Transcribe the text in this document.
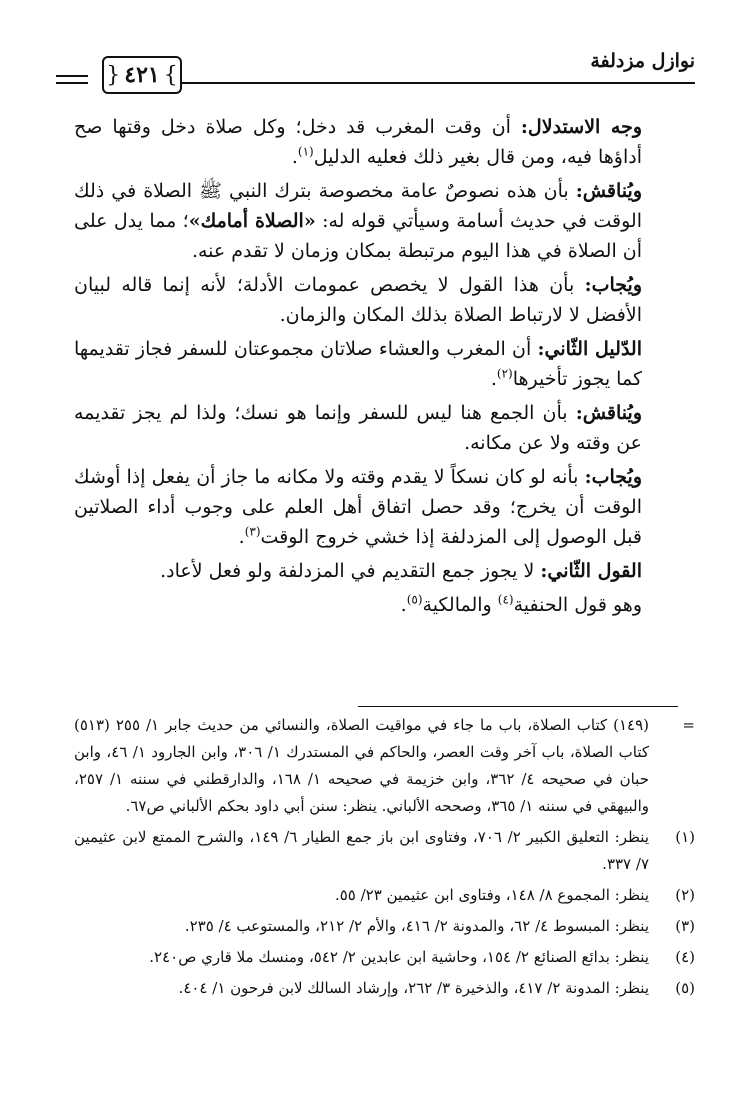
نوازل مزدلفة
}
٤٢١
{

وجه الاستدلال: أن وقت المغرب قد دخل؛ وكل صلاة دخل وقتها صح أداؤها فيه، ومن قال بغير ذلك فعليه الدليل$^{(١)}$.

ويُناقش: بأن هذه نصوصٌ عامة مخصوصة بترك النبي ﷺ الصلاة في ذلك الوقت في حديث أسامة وسيأتي قوله له: «الصلاة أمامك»؛ مما يدل على أن الصلاة في هذا اليوم مرتبطة بمكان وزمان لا تقدم عنه.

ويُجاب: بأن هذا القول لا يخصص عمومات الأدلة؛ لأنه إنما قاله لبيان الأفضل لا لارتباط الصلاة بذلك المكان والزمان.

الدّليل الثّاني: أن المغرب والعشاء صلاتان مجموعتان للسفر فجاز تقديمها كما يجوز تأخيرها$^{(٢)}$.

ويُناقش: بأن الجمع هنا ليس للسفر وإنما هو نسك؛ ولذا لم يجز تقديمه عن وقته ولا عن مكانه.

ويُجاب: بأنه لو كان نسكاً لا يقدم وقته ولا مكانه ما جاز أن يفعل إذا أوشك الوقت أن يخرج؛ وقد حصل اتفاق أهل العلم على وجوب أداء الصلاتين قبل الوصول إلى المزدلفة إذا خشي خروج الوقت$^{(٣)}$.

القول الثّاني: لا يجوز جمع التقديم في المزدلفة ولو فعل لأعاد.

وهو قول الحنفية$^{(٤)}$ والمالكية$^{(٥)}$.

=
(١٤٩) كتاب الصلاة، باب ما جاء في مواقيت الصلاة، والنسائي من حديث جابر ١/ ٢٥٥ (٥١٣) كتاب الصلاة، باب آخر وقت العصر، والحاكم في المستدرك ١/ ٣٠٦، وابن الجارود ١/ ٤٦، وابن حبان في صحيحه ٤/ ٣٦٢، وابن خزيمة في صحيحه ١/ ١٦٨، والدارقطني في سننه ١/ ٢٥٧، والبيهقي في سننه ١/ ٣٦٥، وصححه الألباني. ينظر: سنن أبي داود بحكم الألباني ص٦٧.
(١)
ينظر: التعليق الكبير ٢/ ٧٠٦، وفتاوى ابن باز جمع الطيار ٦/ ١٤٩، والشرح الممتع لابن عثيمين ٧/ ٣٣٧.
(٢)
ينظر: المجموع ٨/ ١٤٨، وفتاوى ابن عثيمين ٢٣/ ٥٥.
(٣)
ينظر: المبسوط ٤/ ٦٢، والمدونة ٢/ ٤١٦، والأم ٢/ ٢١٢، والمستوعب ٤/ ٢٣٥.
(٤)
ينظر: بدائع الصنائع ٢/ ١٥٤، وحاشية ابن عابدين ٢/ ٥٤٢، ومنسك ملا قاري ص٢٤٠.
(٥)
ينظر: المدونة ٢/ ٤١٧، والذخيرة ٣/ ٢٦٢، وإرشاد السالك لابن فرحون ١/ ٤٠٤.
